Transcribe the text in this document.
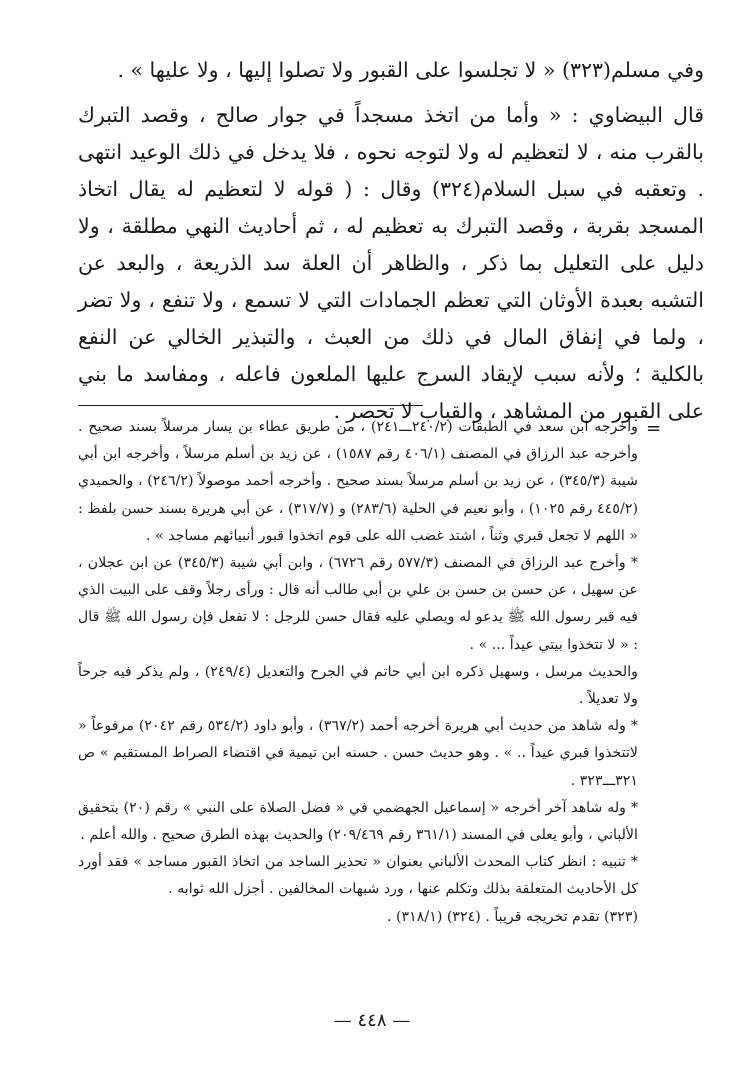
وفي مسلم(٣٢٣) « لا تجلسوا على القبور ولا تصلوا إليها ، ولا عليها » .

قال البيضاوي : « وأما من اتخذ مسجداً في جوار صالح ، وقصد التبرك بالقرب منه ، لا لتعظيم له ولا لتوجه نحوه ، فلا يدخل في ذلك الوعيد انتهى . وتعقبه في سبل السلام(٣٢٤) وقال : ( قوله لا لتعظيم له يقال اتخاذ المسجد بقربة ، وقصد التبرك به تعظيم له ، ثم أحاديث النهي مطلقة ، ولا دليل على التعليل بما ذكر ، والظاهر أن العلة سد الذريعة ، والبعد عن التشبه بعبدة الأوثان التي تعظم الجمادات التي لا تسمع ، ولا تنفع ، ولا تضر ، ولما في إنفاق المال في ذلك من العبث ، والتبذير الخالي عن النفع بالكلية ؛ ولأنه سبب لإيقاد السرج عليها الملعون فاعله ، ومفاسد ما بني على القبور من المشاهد ، والقباب لا تحصر .

=

وأخرجه ابن سعد في الطبقات (٢٤٠/٢ـــ٢٤١) ، من طريق عطاء بن يسار مرسلاً بسند صحيح . وأخرجه عبد الرزاق في المصنف (٤٠٦/١ رقم ١٥٨٧) ، عن زيد بن أسلم مرسلاً ، وأخرجه ابن أبي شيبة (٣٤٥/٣) ، عن زيد بن أسلم مرسلاً بسند صحيح . وأخرجه أحمد موصولاً (٢٤٦/٢) ، والحميدي (٤٤٥/٢ رقم ١٠٢٥) ، وأبو نعيم في الحلية (٢٨٣/٦) و (٣١٧/٧) ، عن أبي هريرة بسند حسن بلفظ : « اللهم لا تجعل قبري وثناً ، اشتد غضب الله على قوم اتخذوا قبور أنبيائهم مساجد » .

* وأخرج عبد الرزاق في المصنف (٥٧٧/٣ رقم ٦٧٢٦) ، وابن أبي شيبة (٣٤٥/٣) عن ابن عجلان ، عن سهيل ، عن حسن بن حسن بن علي بن أبي طالب أنه قال : ورأى رجلاً وقف على البيت الذي فيه قبر رسول الله ﷺ يدعو له ويصلي عليه فقال حسن للرجل : لا تفعل فإن رسول الله ﷺ قال : « لا تتخذوا بيتي عيداً ... » .

والحديث مرسل ، وسهيل ذكره ابن أبي حاتم في الجرح والتعديل (٢٤٩/٤) ، ولم يذكر فيه جرحاً ولا تعديلاً .

* وله شاهد من حديث أبي هريرة أخرجه أحمد (٣٦٧/٢) ، وأبو داود (٥٣٤/٢ رقم ٢٠٤٢) مرفوعاً « لاتتخذوا قبري عيداً .. » . وهو حديث حسن . حسنه ابن تيمية في اقتضاء الصراط المستقيم » ص ٣٢١ـــ٣٢٣ .

* وله شاهد آخر أخرجه « إسماعيل الجهضمي في « فضل الصلاة على النبي » رقم (٢٠) بتحقيق الألباني ، وأبو يعلى في المسند (٣٦١/١ رقم ٢٠٩/٤٦٩) والحديث بهذه الطرق صحيح . والله أعلم .

* تنبيه : انظر كتاب المحدث الألباني بعنوان « تحذير الساجد من اتخاذ القبور مساجد » فقد أورد كل الأحاديث المتعلقة بذلك وتكلم عنها ، ورد شبهات المخالفين . أجزل الله ثوابه .

(٣٢٣) تقدم تخريجه قريباً . (٣٢٤) (٣١٨/١) .

— ٤٤٨ —
